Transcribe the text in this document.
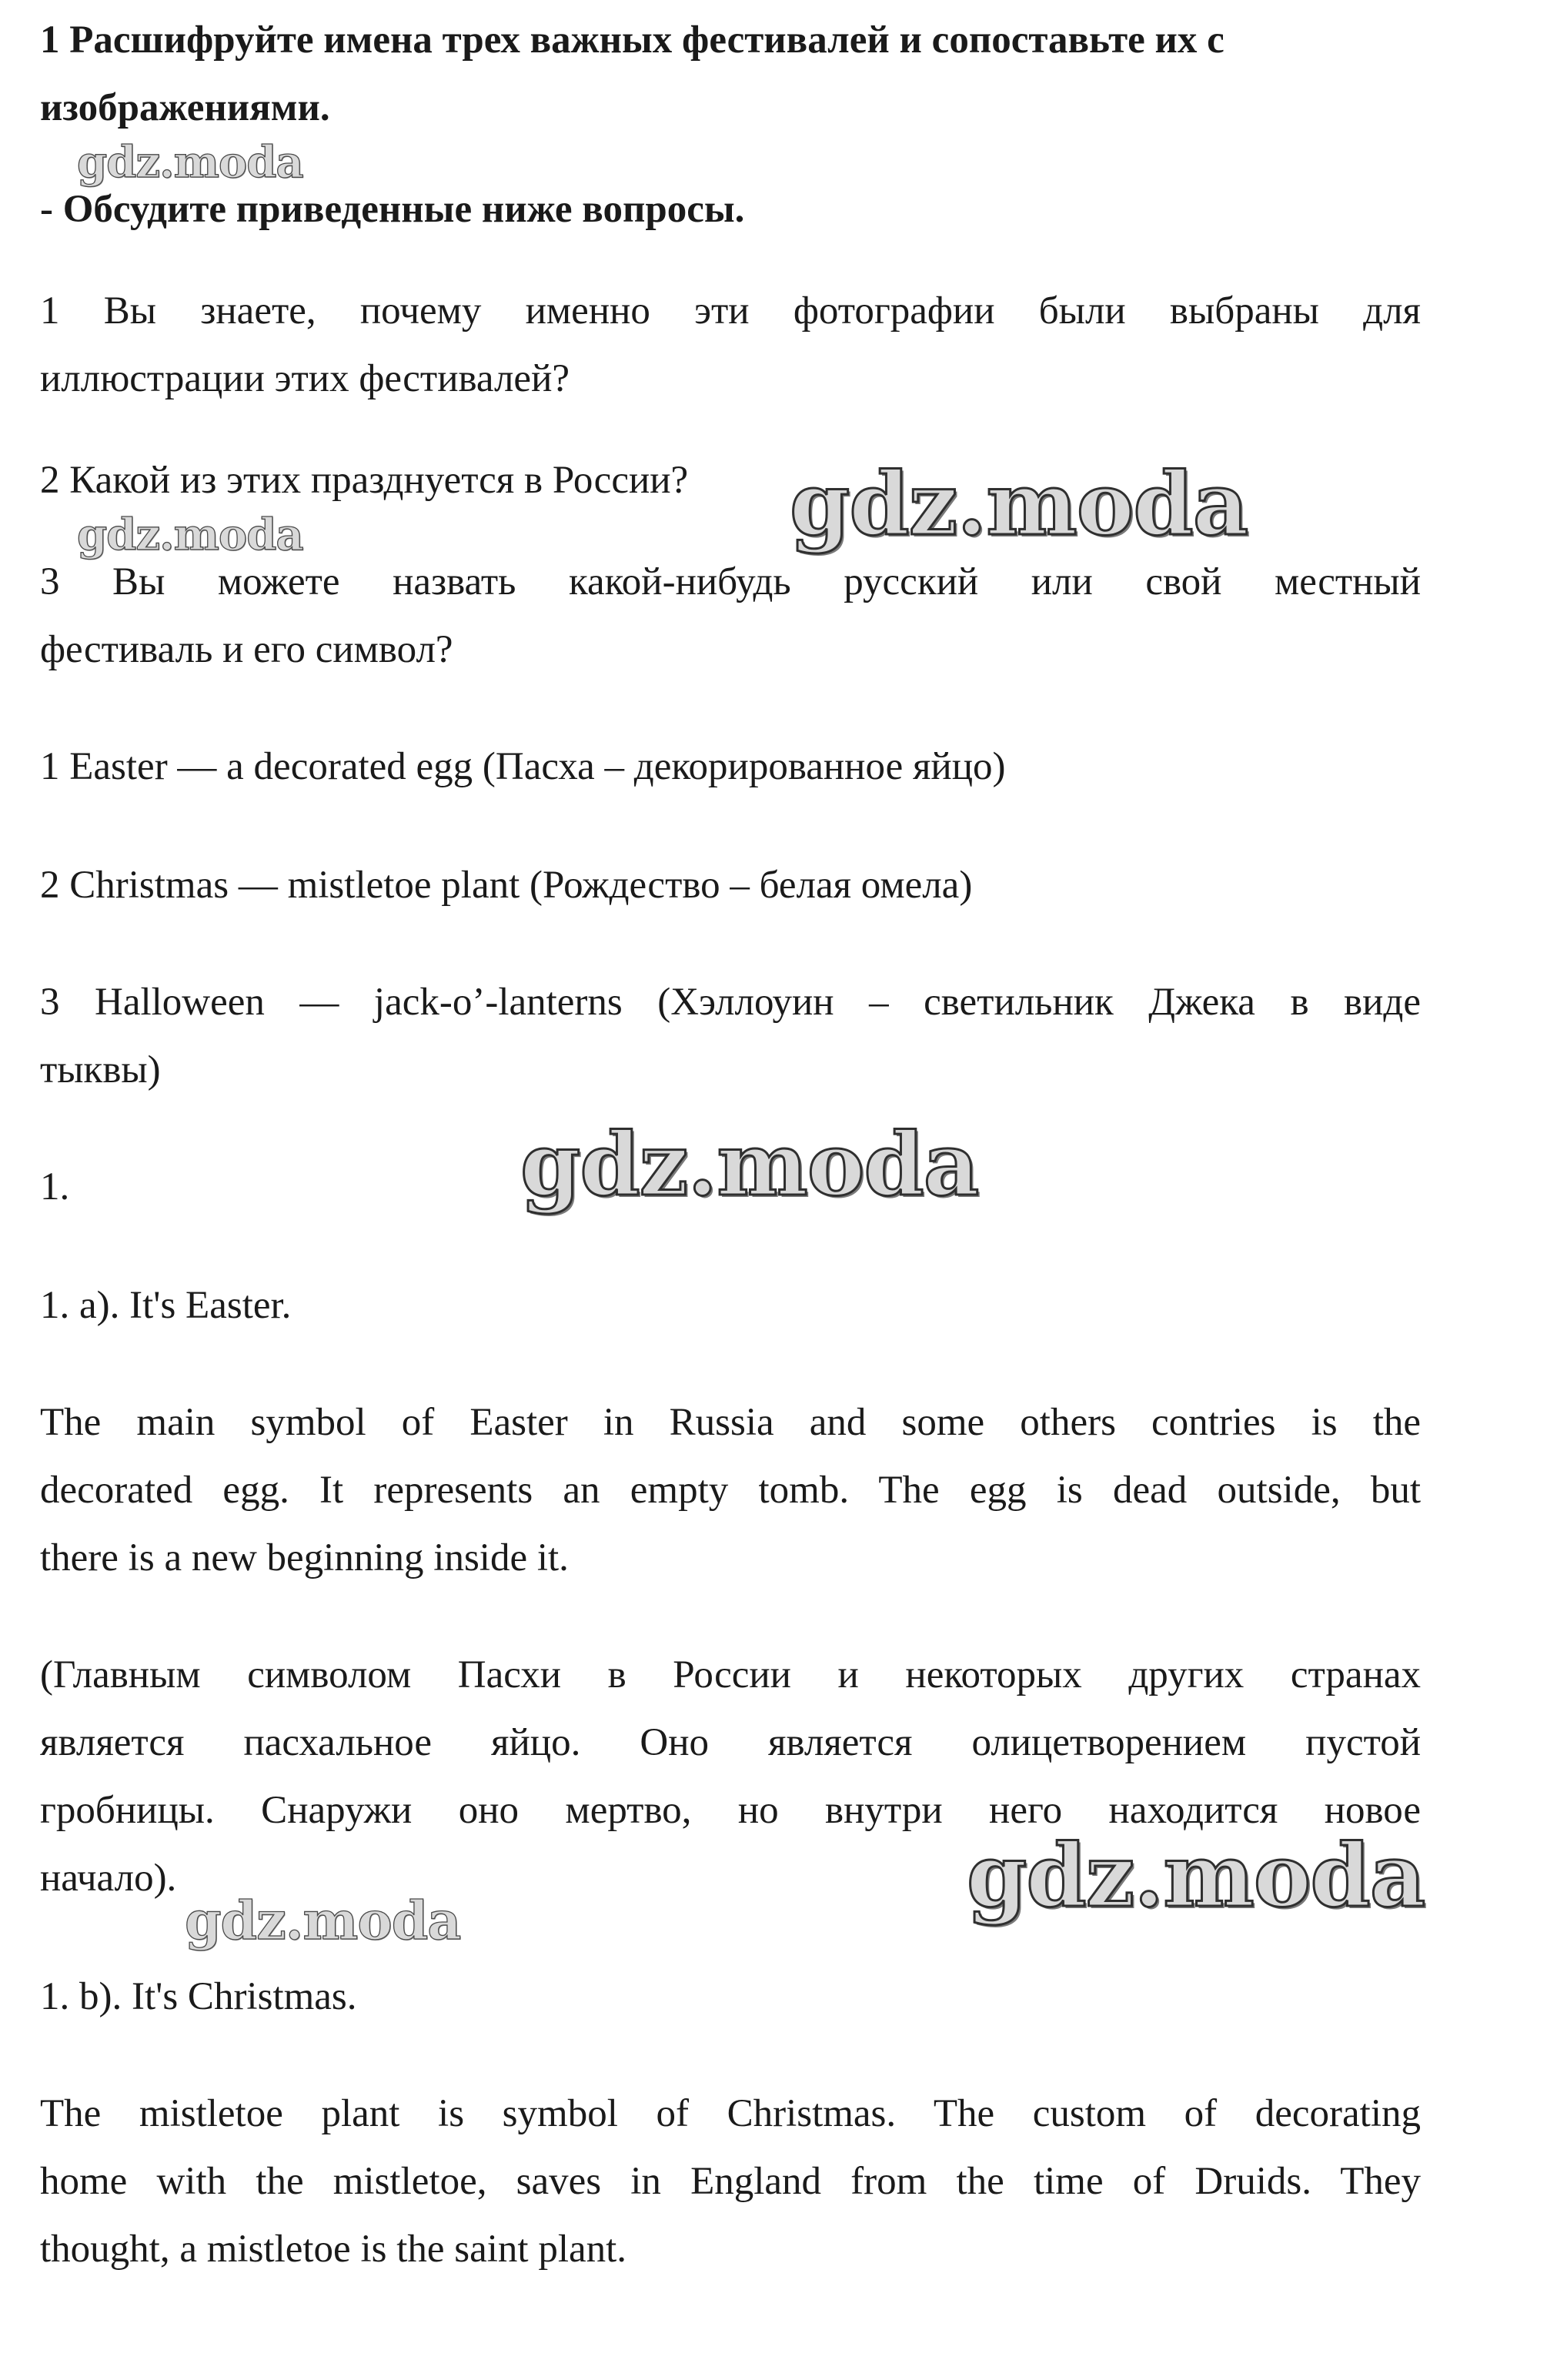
1 Расшифруйте имена трех важных фестивалей и сопоставьте их с

изображениями.

- Обсудите приведенные ниже вопросы.

1 Вы знаете, почему именно эти фотографии были выбраны для

иллюстрации этих фестивалей?

2 Какой из этих празднуется в России?

3 Вы можете назвать какой-нибудь русский или свой местный

фестиваль и его символ?

1 Easter — a decorated egg (Пасха – декорированное яйцо)

2 Christmas — mistletoe plant (Рождество – белая омела)

3 Halloween — jack-o’-lanterns (Хэллоуин – светильник Джека в виде

тыквы)

1.

1. a). It's Easter.

The main symbol of Easter in Russia and some others contries is the

decorated egg. It represents an empty tomb. The egg is dead outside, but

there is a new beginning inside it.

(Главным символом Пасхи в России и некоторых других странах

является пасхальное яйцо. Оно является олицетворением пустой

гробницы. Снаружи оно мертво, но внутри него находится новое

начало).

1. b). It's Christmas.

The mistletoe plant is symbol of Christmas. The custom of decorating

home with the mistletoe, saves in England from the time of Druids. They

thought, a mistletoe is the saint plant.

gdz.moda
gdz.moda	gdz.moda
gdz.moda
gdz.moda
gdz.moda
